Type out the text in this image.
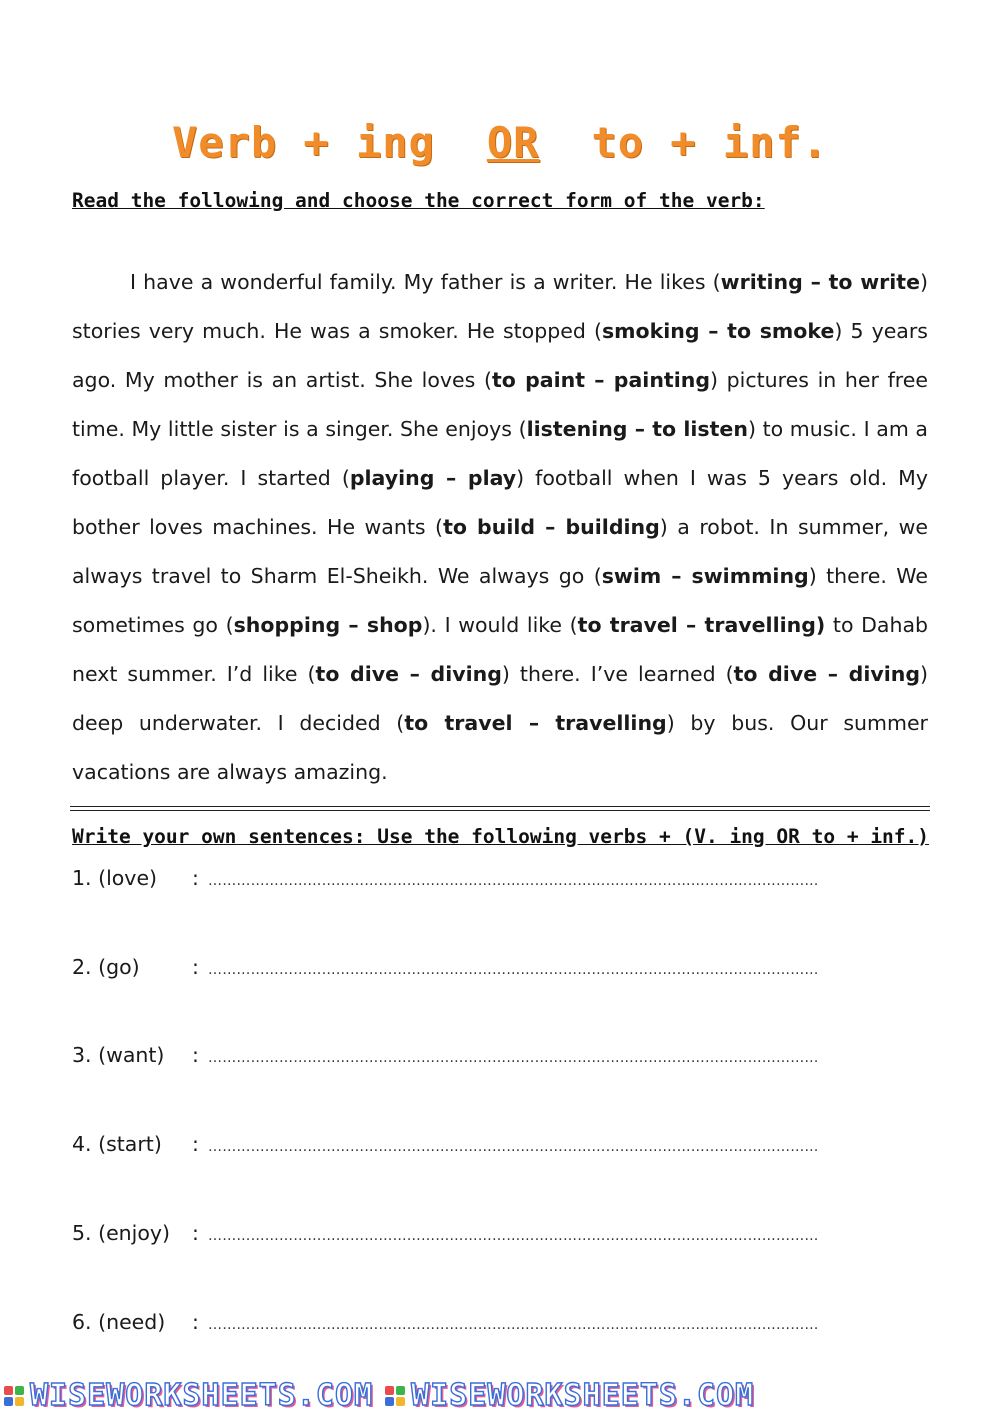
Verb + ing OR to + inf.
Read the following and choose the correct form of the verb:

I have a wonderful family. My father is a writer. He likes (writing – to write) stories very much. He was a smoker. He stopped (smoking – to smoke) 5 years ago. My mother is an artist. She loves (to paint – painting) pictures in her free time. My little sister is a singer. She enjoys (listening – to listen) to music. I am a football player. I started (playing – play) football when I was 5 years old. My bother loves machines. He wants (to build – building) a robot. In summer, we always travel to Sharm El-Sheikh. We always go (swim – swimming) there. We sometimes go (shopping – shop). I would like (to travel – travelling) to Dahab next summer. I’d like (to dive – diving) there. I’ve learned (to dive – diving) deep underwater. I decided (to travel – travelling) by bus. Our summer vacations are always amazing.

Write your own sentences: Use the following verbs + (V. ing OR to + inf.)
1. (love) : …………………………………………………………………………………………………………………
2. (go)	: …………………………………………………………………………………………………………………
3. (want) : …………………………………………………………………………………………………………………
4. (start) : …………………………………………………………………………………………………………………
5. (enjoy) : …………………………………………………………………………………………………………………
6. (need) : …………………………………………………………………………………………………………………
WISEWORKSHEETS.COM WISEWORKSHEETS.COM
